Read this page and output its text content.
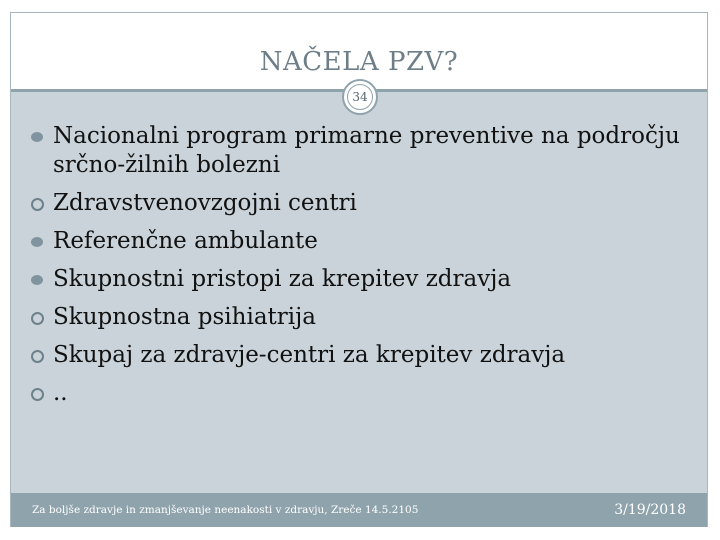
NAČELA PZV?
34
Nacionalni program primarne preventive na področju srčno-žilnih bolezni
Zdravstvenovzgojni centri
Referenčne ambulante
Skupnostni pristopi za krepitev zdravja
Skupnostna psihiatrija
Skupaj za zdravje-centri za krepitev zdravja
..
Za boljše zdravje in zmanjševanje neenakosti v zdravju, Zreče 14.5.2105	3/19/2018
